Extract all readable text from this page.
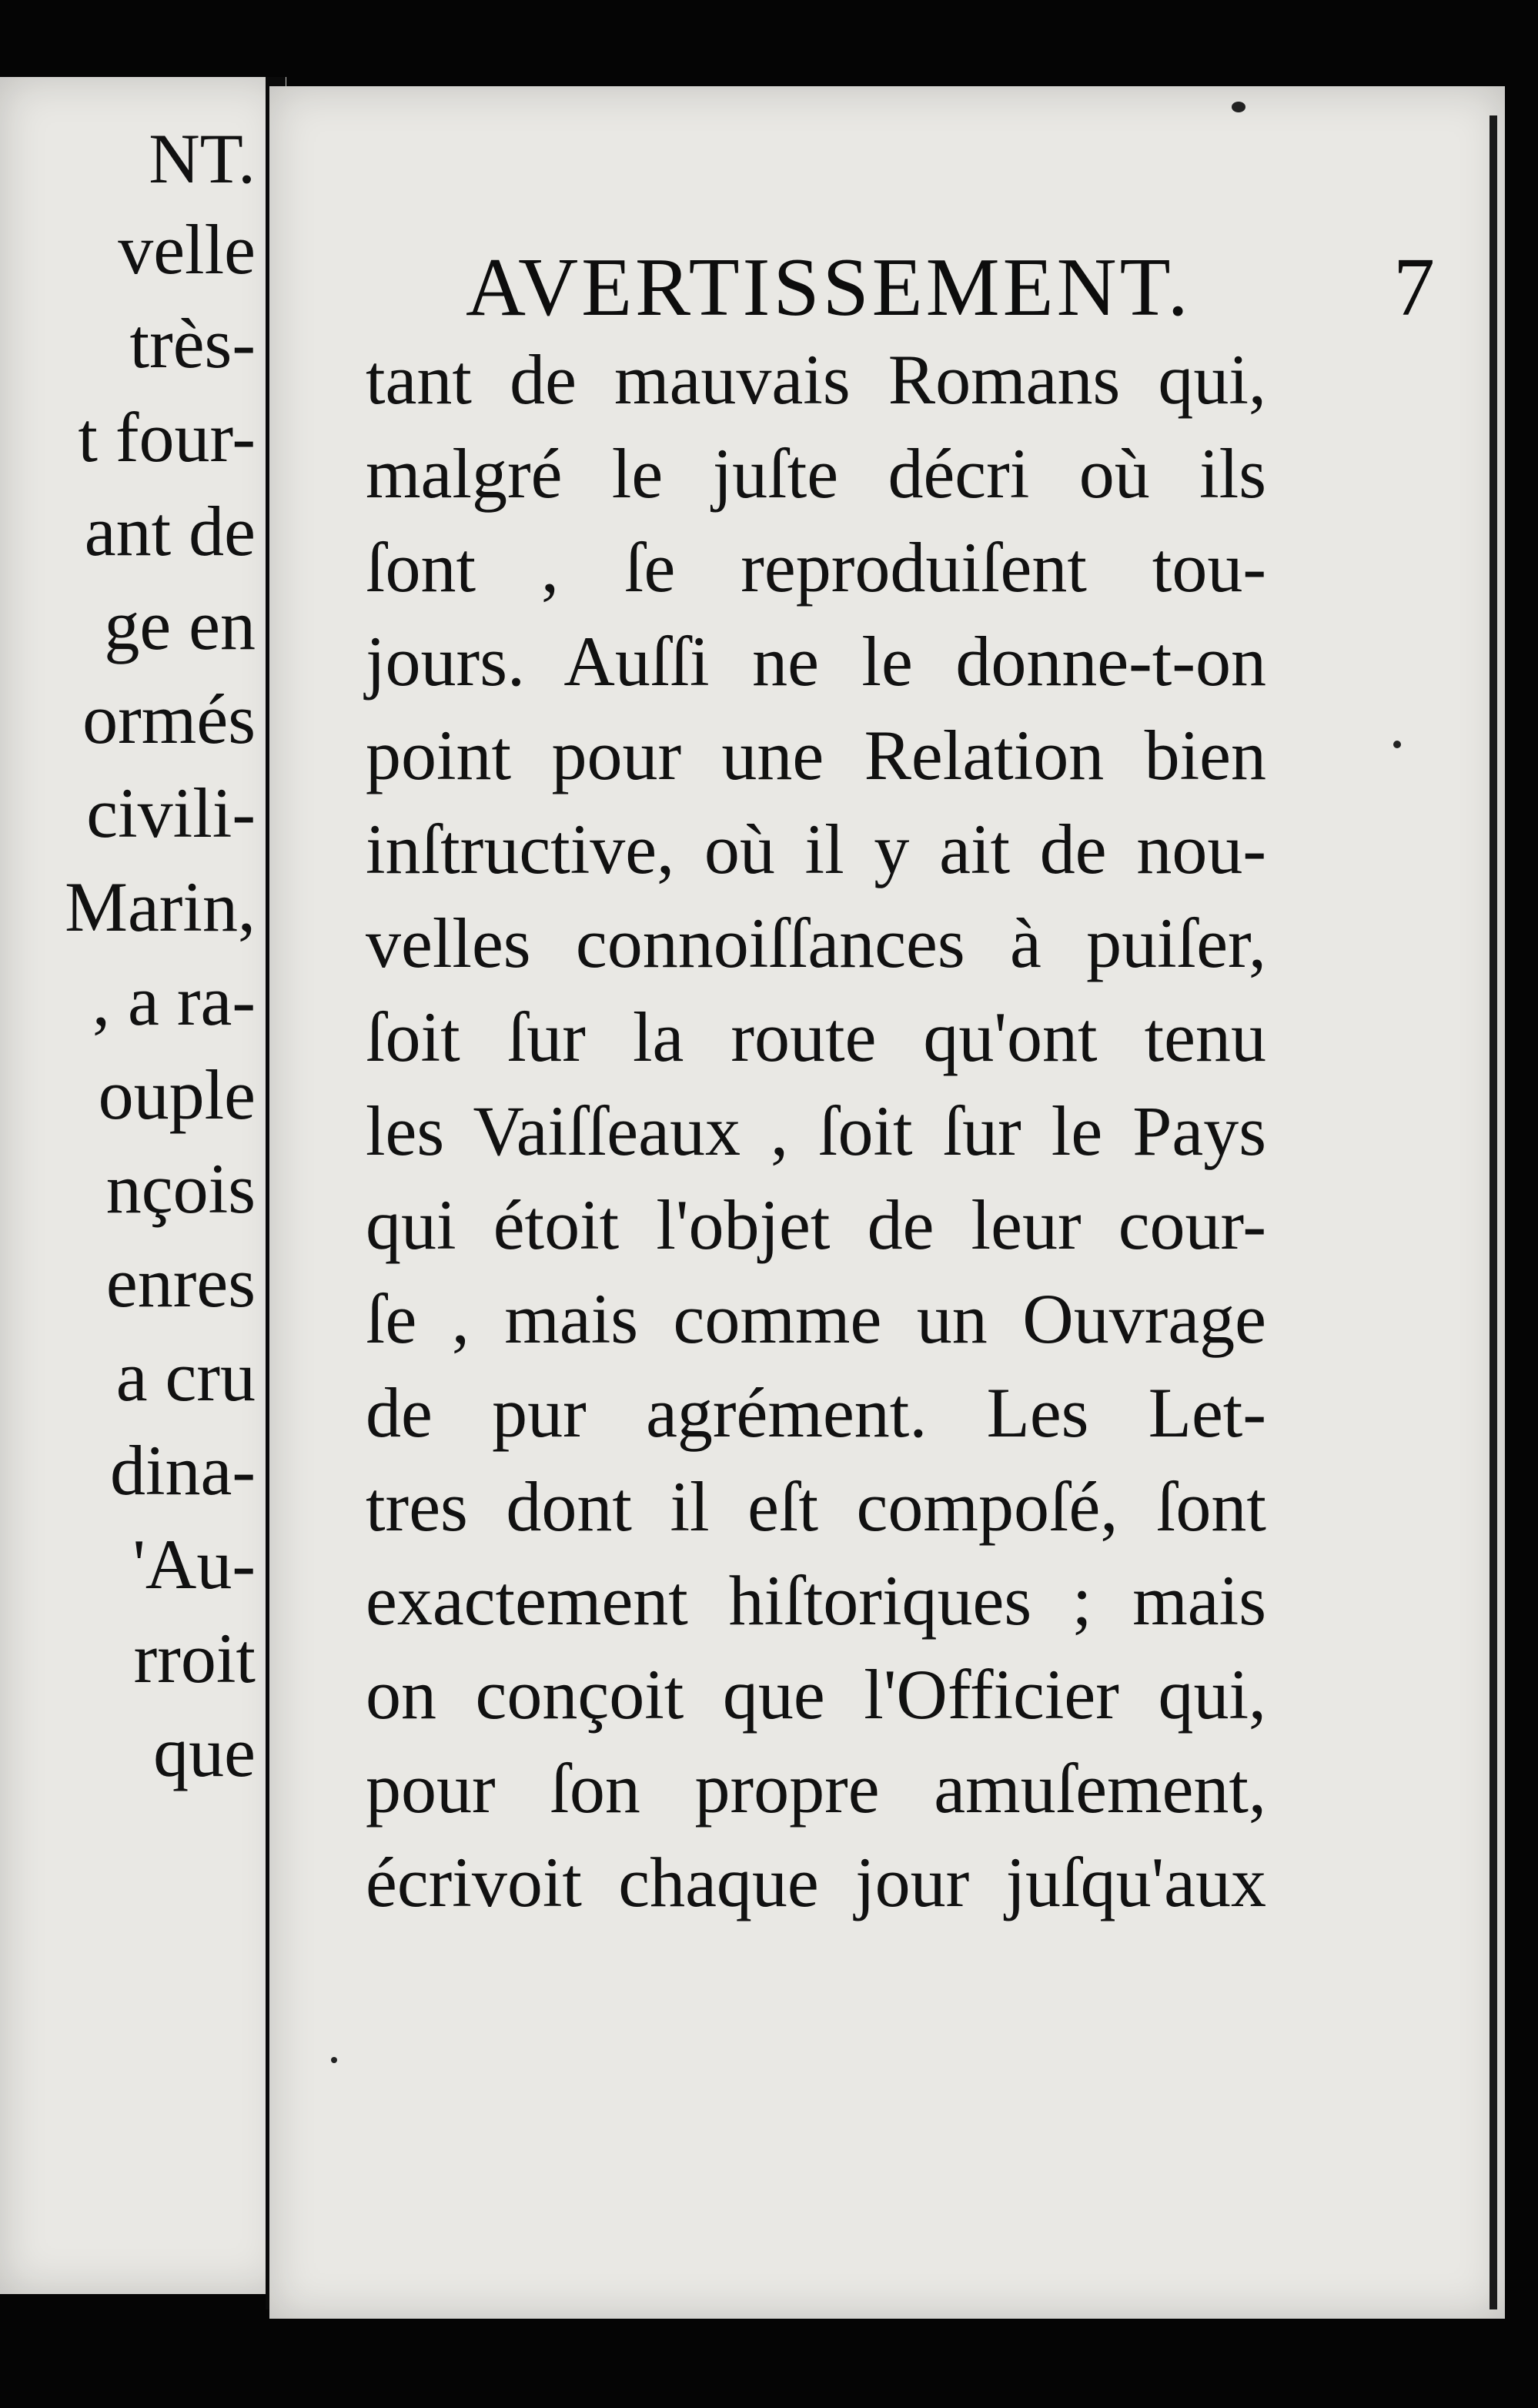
NT.
velle
très-
t four-
ant de
ge en
ormés
civili-
Marin,
, a ra-
ouple
nçois
enres
a cru
dina-
'Au-
rroit
que
AVERTISSEMENT. 7
tant de mauvais Romans qui,
malgré le juſte décri où ils
ſont , ſe reproduiſent tou-
jours. Auſſi ne le donne-t-on
point pour une Relation bien
inſtructive, où il y ait de nou-
velles connoiſſances à puiſer,
ſoit ſur la route qu'ont tenu
les Vaiſſeaux , ſoit ſur le Pays
qui étoit l'objet de leur cour-
ſe , mais comme un Ouvrage
de pur agrément. Les Let-
tres dont il eſt compoſé, ſont
exactement hiſtoriques ; mais
on conçoit que l'Officier qui,
pour ſon propre amuſement,
écrivoit chaque jour juſqu'aux
